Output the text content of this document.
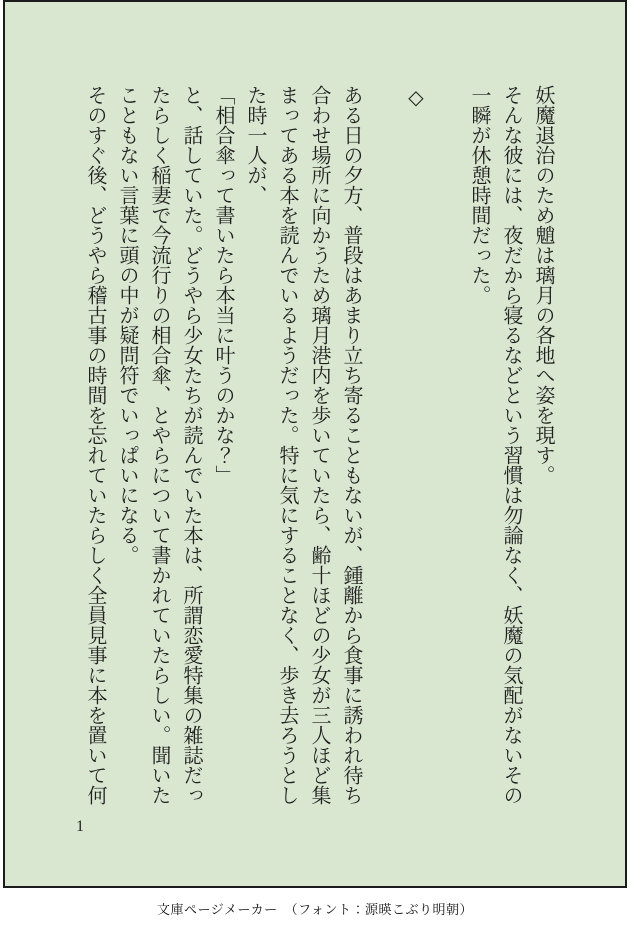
妖魔退治のため魈は璃月の各地へ姿を現す。

そんな彼には、夜だから寝るなどという習慣は勿論なく、妖魔の気配がないその

一瞬が休憩時間だった。

◇

ある日の夕方、普段はあまり立ち寄ることもないが、鍾離から食事に誘われ待ち

合わせ場所に向かうため璃月港内を歩いていたら、齢十ほどの少女が三人ほど集

まってある本を読んでいるようだった。特に気にすることなく、歩き去ろうとし

た時一人が、

「相合傘って書いたら本当に叶うのかな？」

と、話していた。どうやら少女たちが読んでいた本は、所謂恋愛特集の雑誌だっ

たらしく稲妻で今流行りの相合傘、とやらについて書かれていたらしい。聞いた

こともない言葉に頭の中が疑問符でいっぱいになる。

そのすぐ後、どうやら稽古事の時間を忘れていたらしく全員見事に本を置いて何

1
文庫ページメーカー　（フォント：源暎こぶり明朝）
